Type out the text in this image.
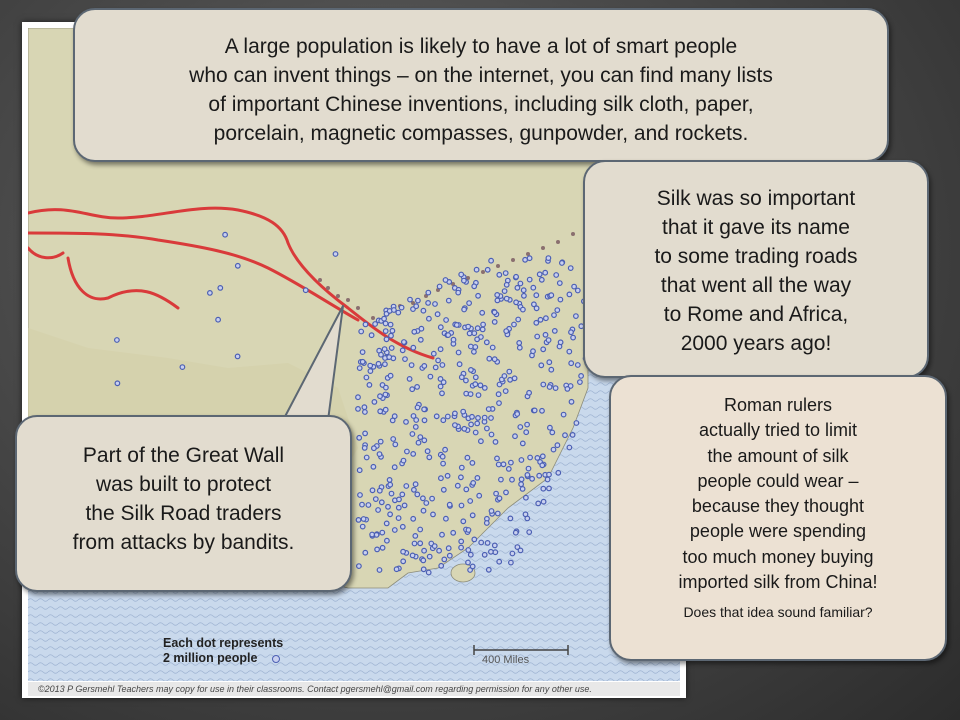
Each dot represents
2 million people	400 Miles
©2013 P Gersmehl Teachers may copy for use in their classrooms. Contact pgersmehl@gmail.com regarding permission for any other use.
A large population is likely to have a lot of smart people
who can invent things – on the internet, you can find many lists
of important Chinese inventions, including silk cloth, paper,
porcelain, magnetic compasses, gunpowder, and rockets.
Silk was so important
that it gave its name
to some trading roads
that went all the way
to Rome and Africa,
2000 years ago!
Part of the Great Wall
was built to protect
the Silk Road traders
from attacks by bandits.
Roman rulers
actually tried to limit
the amount of silk
people could wear –
because they thought
people were spending
too much money buying
imported silk from China!
Does that idea sound familiar?
